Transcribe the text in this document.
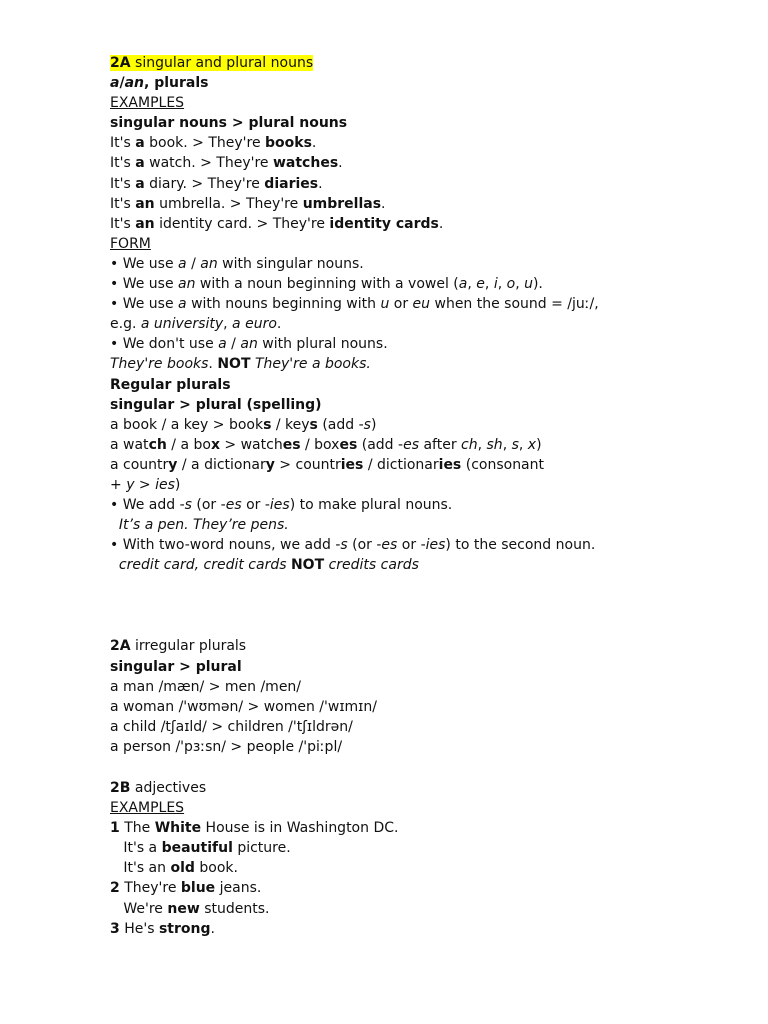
2A singular and plural nouns
a/an, plurals
EXAMPLES
singular nouns > plural nouns
It's a book. > They're books.
It's a watch. > They're watches.
It's a diary. > They're diaries.
It's an umbrella. > They're umbrellas.
It's an identity card. > They're identity cards.
FORM
• We use a / an with singular nouns.
• We use an with a noun beginning with a vowel (a, e, i, o, u).
• We use a with nouns beginning with u or eu when the sound = /juː/,
e.g. a university, a euro.
• We don't use a / an with plural nouns.
They're books. NOT They're a books.
Regular plurals
singular > plural (spelling)
a book / a key > books / keys (add -s)
a watch / a box > watches / boxes (add -es after ch, sh, s, x)
a country / a dictionary > countries / dictionaries (consonant
+ y > ies)
• We add -s (or -es or -ies) to make plural nouns.
It’s a pen. They’re pens.
• With two-word nouns, we add -s (or -es or -ies) to the second noun.
credit card, credit cards NOT credits cards
2A irregular plurals
singular > plural
a man /mæn/ > men /men/
a woman /'wʊmən/ > women /'wɪmɪn/
a child /tʃaɪld/ > children /'tʃɪldrən/
a person /'pɜːsn/ > people /'piːpl/
2B adjectives
EXAMPLES
1 The White House is in Washington DC.
It's a beautiful picture.
It's an old book.
2 They're blue jeans.
We're new students.
3 He's strong.
